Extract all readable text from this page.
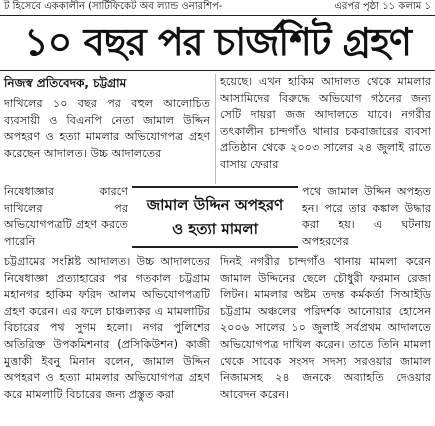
ট হিসেবে এককালীন (সার্টিফিকেট অব ল্যান্ড ওনারশিপ-	এরপর পৃষ্ঠা ১১ কলাম ১
১০ বছর পর চার্জশিট গ্রহণ
নিজস্ব প্রতিবেদক, চট্টগ্রাম

দাখিলের ১০ বছর পর বহুল আলোচিত ব্যবসায়ী ও বিএনপি নেতা জামাল উদ্দিন অপহরণ ও হত্যা মামলার অভিযোগপত্র গ্রহণ করেছেন আদালত। উচ্চ আদালতের

নিষেধাজ্ঞার কারণে দাখিলের পর অভিযোগপত্রটি গ্রহণ করতে পারেনি

জামাল উদ্দিন অপহরণ
ও হত্যা মামলা

চট্টগ্রামের সংশ্লিষ্ট আদালত। উচ্চ আদালতের নিষেধাজ্ঞা প্রত্যাহারের পর গতকাল চট্টগ্রাম মহানগর হাকিম ফরিদ আলম অভিযোগপত্রটি গ্রহণ করেন। এর ফলে চাঞ্চল্যকর এ মামলাটির বিচারের পথ সুগম হলো। নগর পুলিশের অতিরিক্ত উপকমিশনার (প্রসিকিউশন) কাজী মুত্তাকী ইবনু মিনান বলেন, জামাল উদ্দিন অপহরণ ও হত্যা মামলার অভিযোগপত্র গ্রহণ করে মামলাটি বিচারের জন্য প্রস্তুত করা

হয়েছে। এখন হাকিম আদালত থেকে মামলার আসামিদের বিরুদ্ধে অভিযোগ গঠনের জন্য সেটি দায়রা জজ আদালতে যাবে। নগরীর তৎকালীন চান্দগাঁও থানার চকবাজারের ব্যবসা প্রতিষ্ঠান থেকে ২০০৩ সালের ২৪ জুলাই রাতে বাসায় ফেরার

পথে জামাল উদ্দিন অপহৃত হন। পরে তার কঙ্কাল উদ্ধার করা হয়। এ ঘটনায় অপহরণের

দিনই নগরীর চান্দগাঁও থানায় মামলা করেন জামাল উদ্দিনের ছেলে চৌধুরী ফরমান রেজা লিটন। মামলার অষ্টম তদন্ত কর্মকর্তা সিআইডি চট্টগ্রাম অঞ্চলের পরিদর্শক আনোয়ার হোসেন ২০০৬ সালের ১০ জুলাই সর্বপ্রথম আদালতে অভিযোগপত্র দাখিল করেন। তাতে তিনি মামলা থেকে সাবেক সংসদ সদস্য সরওয়ার জামাল নিজামসহ ২৪ জনকে অব্যাহতি দেওয়ার আবেদন করেন।
